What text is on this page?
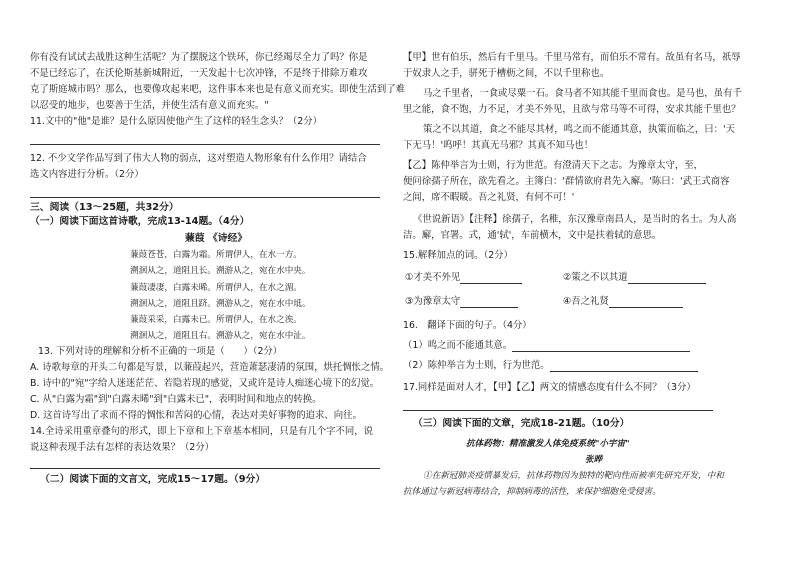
你有没有试试去战胜这种生活呢？为了摆脱这个铁环，你已经竭尽全力了吗？你是
不是已经忘了，在沃伦斯基新城附近，一天发起十七次冲锋，不是终于排除万难攻
克了斯庭城市吗？那么，也要像攻起来吧，这件事本来也是有意义而充实。即使生活到了难
以忍受的地步，也要善于生活，并使生活有意义而充实。"
11.文中的"他"是谁？是什么原因使他产生了这样的轻生念头？（2分）
12. 不少文学作品写到了伟大人物的弱点，这对塑造人物形象有什么作用？请结合
选文内容进行分析。（2分）
三、阅读（13～25题，共32分）
（一）阅读下面这首诗歌，完成13-14题。（4分）
蒹葭 《诗经》
蒹葭苍苍，白露为霜。所谓伊人，在水一方。
溯洄从之，道阻且长。溯游从之，宛在水中央。
蒹葭凄凄，白露未晞。所谓伊人，在水之湄。
溯洄从之，道阻且跻。溯游从之，宛在水中坻。
蒹葭采采，白露未已。所谓伊人，在水之涘。
溯洄从之，道阻且右。溯游从之，宛在水中沚。
13. 下列对诗的理解和分析不正确的一项是（　　）（2分）
A. 诗歌每章的开头二句都是写景，以蒹葭起兴，营造萧瑟凄清的氛围，烘托惆怅之情。
B. 诗中的"宛"字给人迷迷茫茫、若隐若现的感觉，又或许是诗人痴迷心境下的幻觉。
C. 从"白露为霜"到"白露未晞"到"白露未已"，表明时间和地点的转换。
D. 这首诗写出了求而不得的惆怅和苦闷的心情，表达对美好事物的追求、向往。
14.全诗采用重章叠句的形式，即上下章和上下章基本相同，只是有几个字不同，说
说这种表现手法有怎样的表达效果？（2分）
（二）阅读下面的文言文，完成15～17题。（9分）
【甲】世有伯乐，然后有千里马。千里马常有，而伯乐不常有。故虽有名马，祇辱
于奴隶人之手，骈死于槽枥之间，不以千里称也。
马之千里者，一食或尽粟一石。食马者不知其能千里而食也。是马也，虽有千
里之能，食不饱，力不足，才美不外见，且欲与常马等不可得，安求其能千里也？
策之不以其道，食之不能尽其材，鸣之而不能通其意，执策而临之，曰：'天
下无马！'呜呼！其真无马邪？其真不知马也！
【乙】陈仲举言为士则，行为世范。有澄清天下之志。为豫章太守，至，
便问徐孺子所在，欲先看之。主簿白：'群情欲府君先入廨。'陈曰：'武王式商容
之闾，席不暇暖。吾之礼贤，有何不可！'
《世说新语》【注释】徐孺子，名稚，东汉豫章南昌人，是当时的名士。为人高
洁。廨，官署。式，通'轼'，车前横木，文中是扶着轼的意思。
15.解释加点的词。（2分）
①才美不外见	②策之不以其道
③为豫章太守	④吾之礼贤
16.　翻译下面的句子。（4分）
（1）鸣之而不能通其意。
（2）陈仲举言为士则，行为世范。
17.同样是面对人才，【甲】【乙】两文的情感态度有什么不同？（3分）
（三）阅读下面的文章，完成18-21题。（10分）
抗体药物：精准激发人体免疫系统"小宇宙"
张晔
①在新冠肺炎疫情暴发后，抗体药物因为独特的靶向性而被率先研究开发，中和
抗体通过与新冠病毒结合，抑制病毒的活性，来保护细胞免受侵害。
